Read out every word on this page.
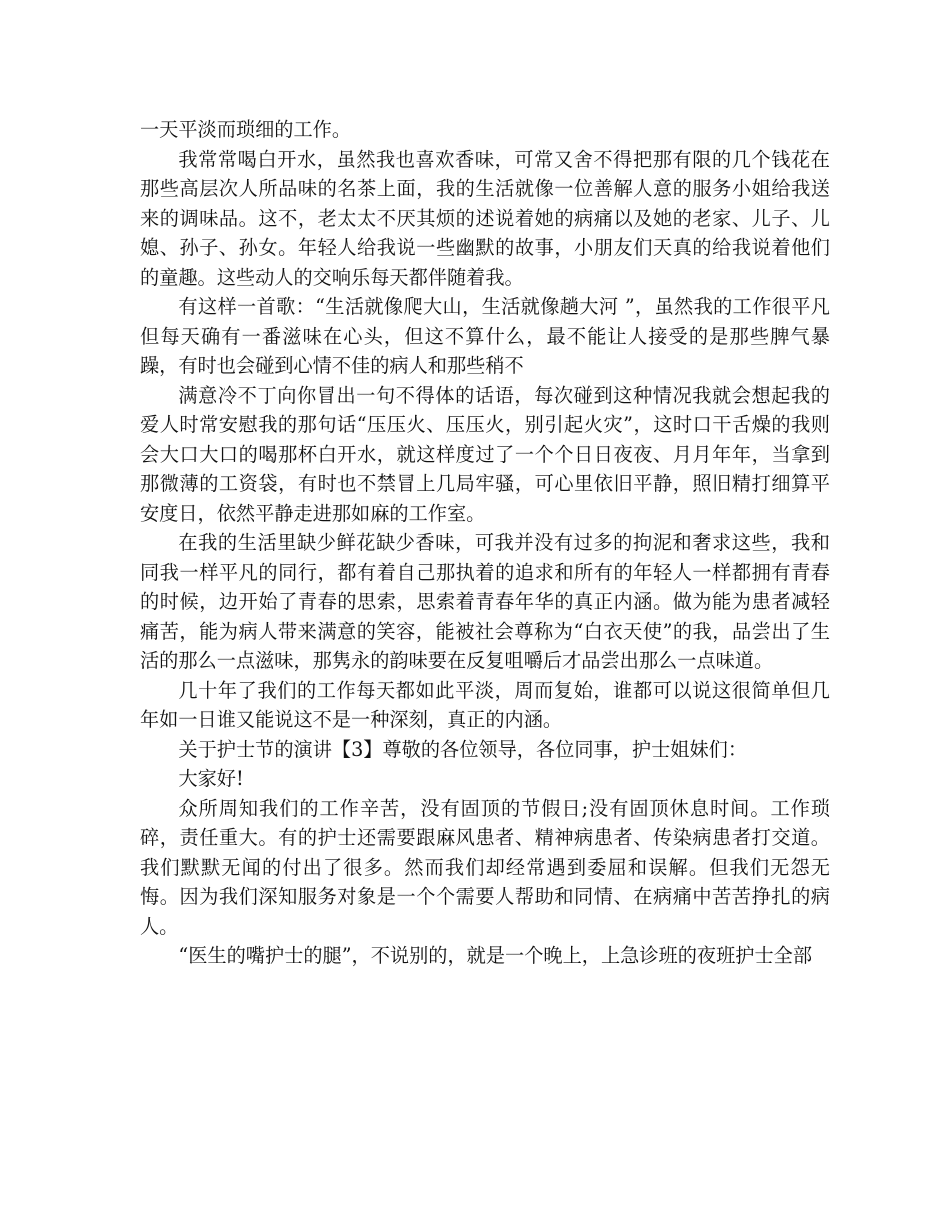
一天平淡而琐细的工作。

我常常喝白开水，虽然我也喜欢香味，可常又舍不得把那有限的几个钱花在那些高层次人所品味的名茶上面，我的生活就像一位善解人意的服务小姐给我送来的调味品。这不，老太太不厌其烦的述说着她的病痛以及她的老家、儿子、儿媳、孙子、孙女。年轻人给我说一些幽默的故事，小朋友们天真的给我说着他们的童趣。这些动人的交响乐每天都伴随着我。

有这样一首歌：“生活就像爬大山，生活就像趟大河 ”，虽然我的工作很平凡但每天确有一番滋味在心头，但这不算什么，最不能让人接受的是那些脾气暴躁，有时也会碰到心情不佳的病人和那些稍不

满意冷不丁向你冒出一句不得体的话语，每次碰到这种情况我就会想起我的爱人时常安慰我的那句话“压压火、压压火，别引起火灾”，这时口干舌燥的我则会大口大口的喝那杯白开水，就这样度过了一个个日日夜夜、月月年年，当拿到那微薄的工资袋，有时也不禁冒上几局牢骚，可心里依旧平静，照旧精打细算平安度日，依然平静走进那如麻的工作室。

在我的生活里缺少鲜花缺少香味，可我并没有过多的拘泥和奢求这些，我和同我一样平凡的同行，都有着自己那执着的追求和所有的年轻人一样都拥有青春的时候，边开始了青春的思索，思索着青春年华的真正内涵。做为能为患者减轻痛苦，能为病人带来满意的笑容，能被社会尊称为“白衣天使”的我，品尝出了生活的那么一点滋味，那隽永的韵味要在反复咀嚼后才品尝出那么一点味道。

几十年了我们的工作每天都如此平淡，周而复始，谁都可以说这很简单但几年如一日谁又能说这不是一种深刻，真正的内涵。

关于护士节的演讲【3】尊敬的各位领导，各位同事，护士姐妹们：

大家好!

众所周知我们的工作辛苦，没有固顶的节假日;没有固顶休息时间。工作琐碎，责任重大。有的护士还需要跟麻风患者、精神病患者、传染病患者打交道。我们默默无闻的付出了很多。然而我们却经常遇到委屈和误解。但我们无怨无悔。因为我们深知服务对象是一个个需要人帮助和同情、在病痛中苦苦挣扎的病人。

“医生的嘴护士的腿”，不说别的，就是一个晚上，上急诊班的夜班护士全部
